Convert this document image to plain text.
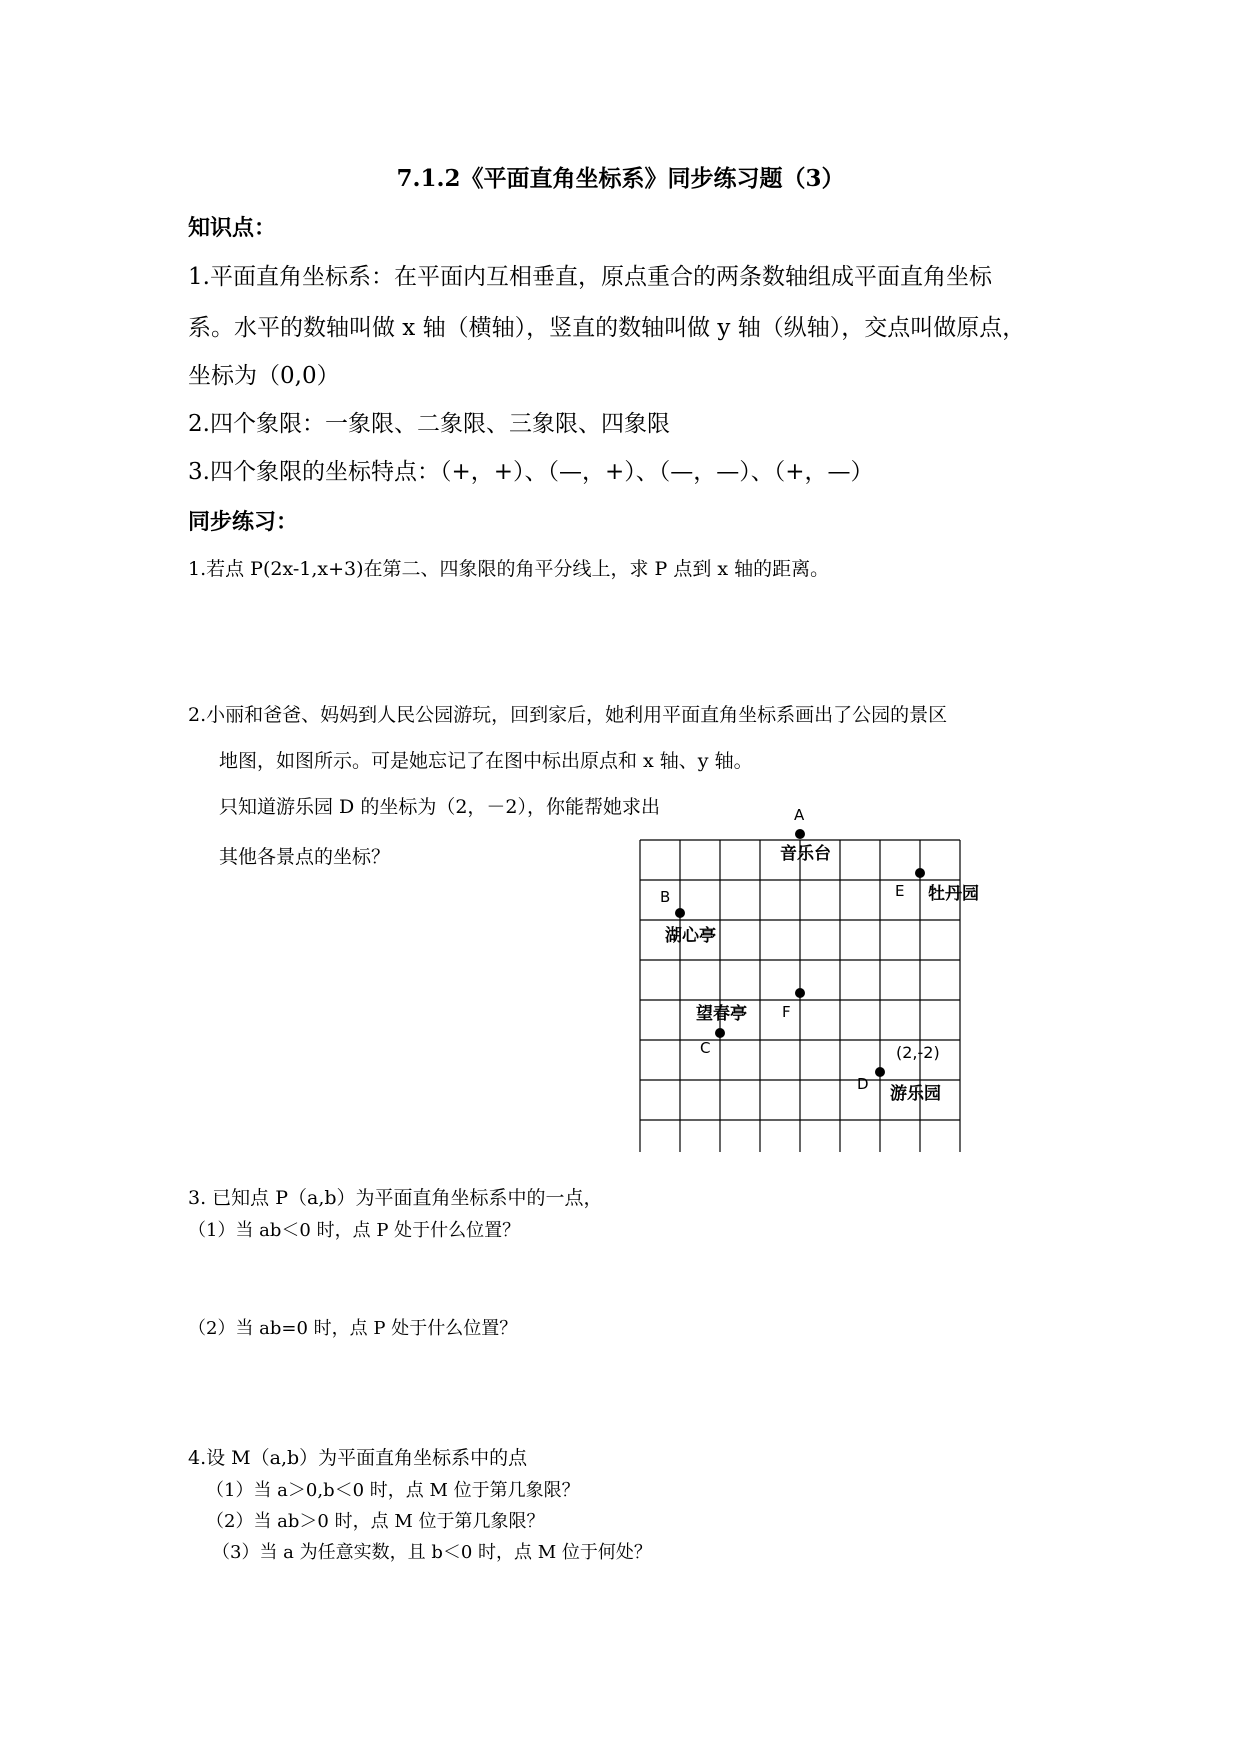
7.1.2《平面直角坐标系》同步练习题（3）
知识点：
1.平面直角坐标系：在平面内互相垂直，原点重合的两条数轴组成平面直角坐标
系。水平的数轴叫做 x 轴（横轴），竖直的数轴叫做 y 轴（纵轴），交点叫做原点，
坐标为（0,0）
2.四个象限：一象限、二象限、三象限、四象限
3.四个象限的坐标特点：（+，+）、（—，+）、（—，—）、（+，—）
同步练习：
1.若点 P(2x-1,x+3)在第二、四象限的角平分线上，求 P 点到 x 轴的距离。
2.小丽和爸爸、妈妈到人民公园游玩，回到家后，她利用平面直角坐标系画出了公园的景区
地图，如图所示。可是她忘记了在图中标出原点和 x 轴、y 轴。
只知道游乐园 D 的坐标为（2，－2），你能帮她求出
其他各景点的坐标？
A
音乐台
E 牡丹园
B
湖心亭
F
C
望春亭
D
(2,-2)
游乐园
3. 已知点 P（a,b）为平面直角坐标系中的一点，
（1）当 ab＜0 时，点 P 处于什么位置？
（2）当 ab=0 时，点 P 处于什么位置？
4.设 M（a,b）为平面直角坐标系中的点
（1）当 a＞0,b＜0 时，点 M 位于第几象限？
（2）当 ab＞0 时，点 M 位于第几象限？
（3）当 a 为任意实数，且 b＜0 时，点 M 位于何处？
